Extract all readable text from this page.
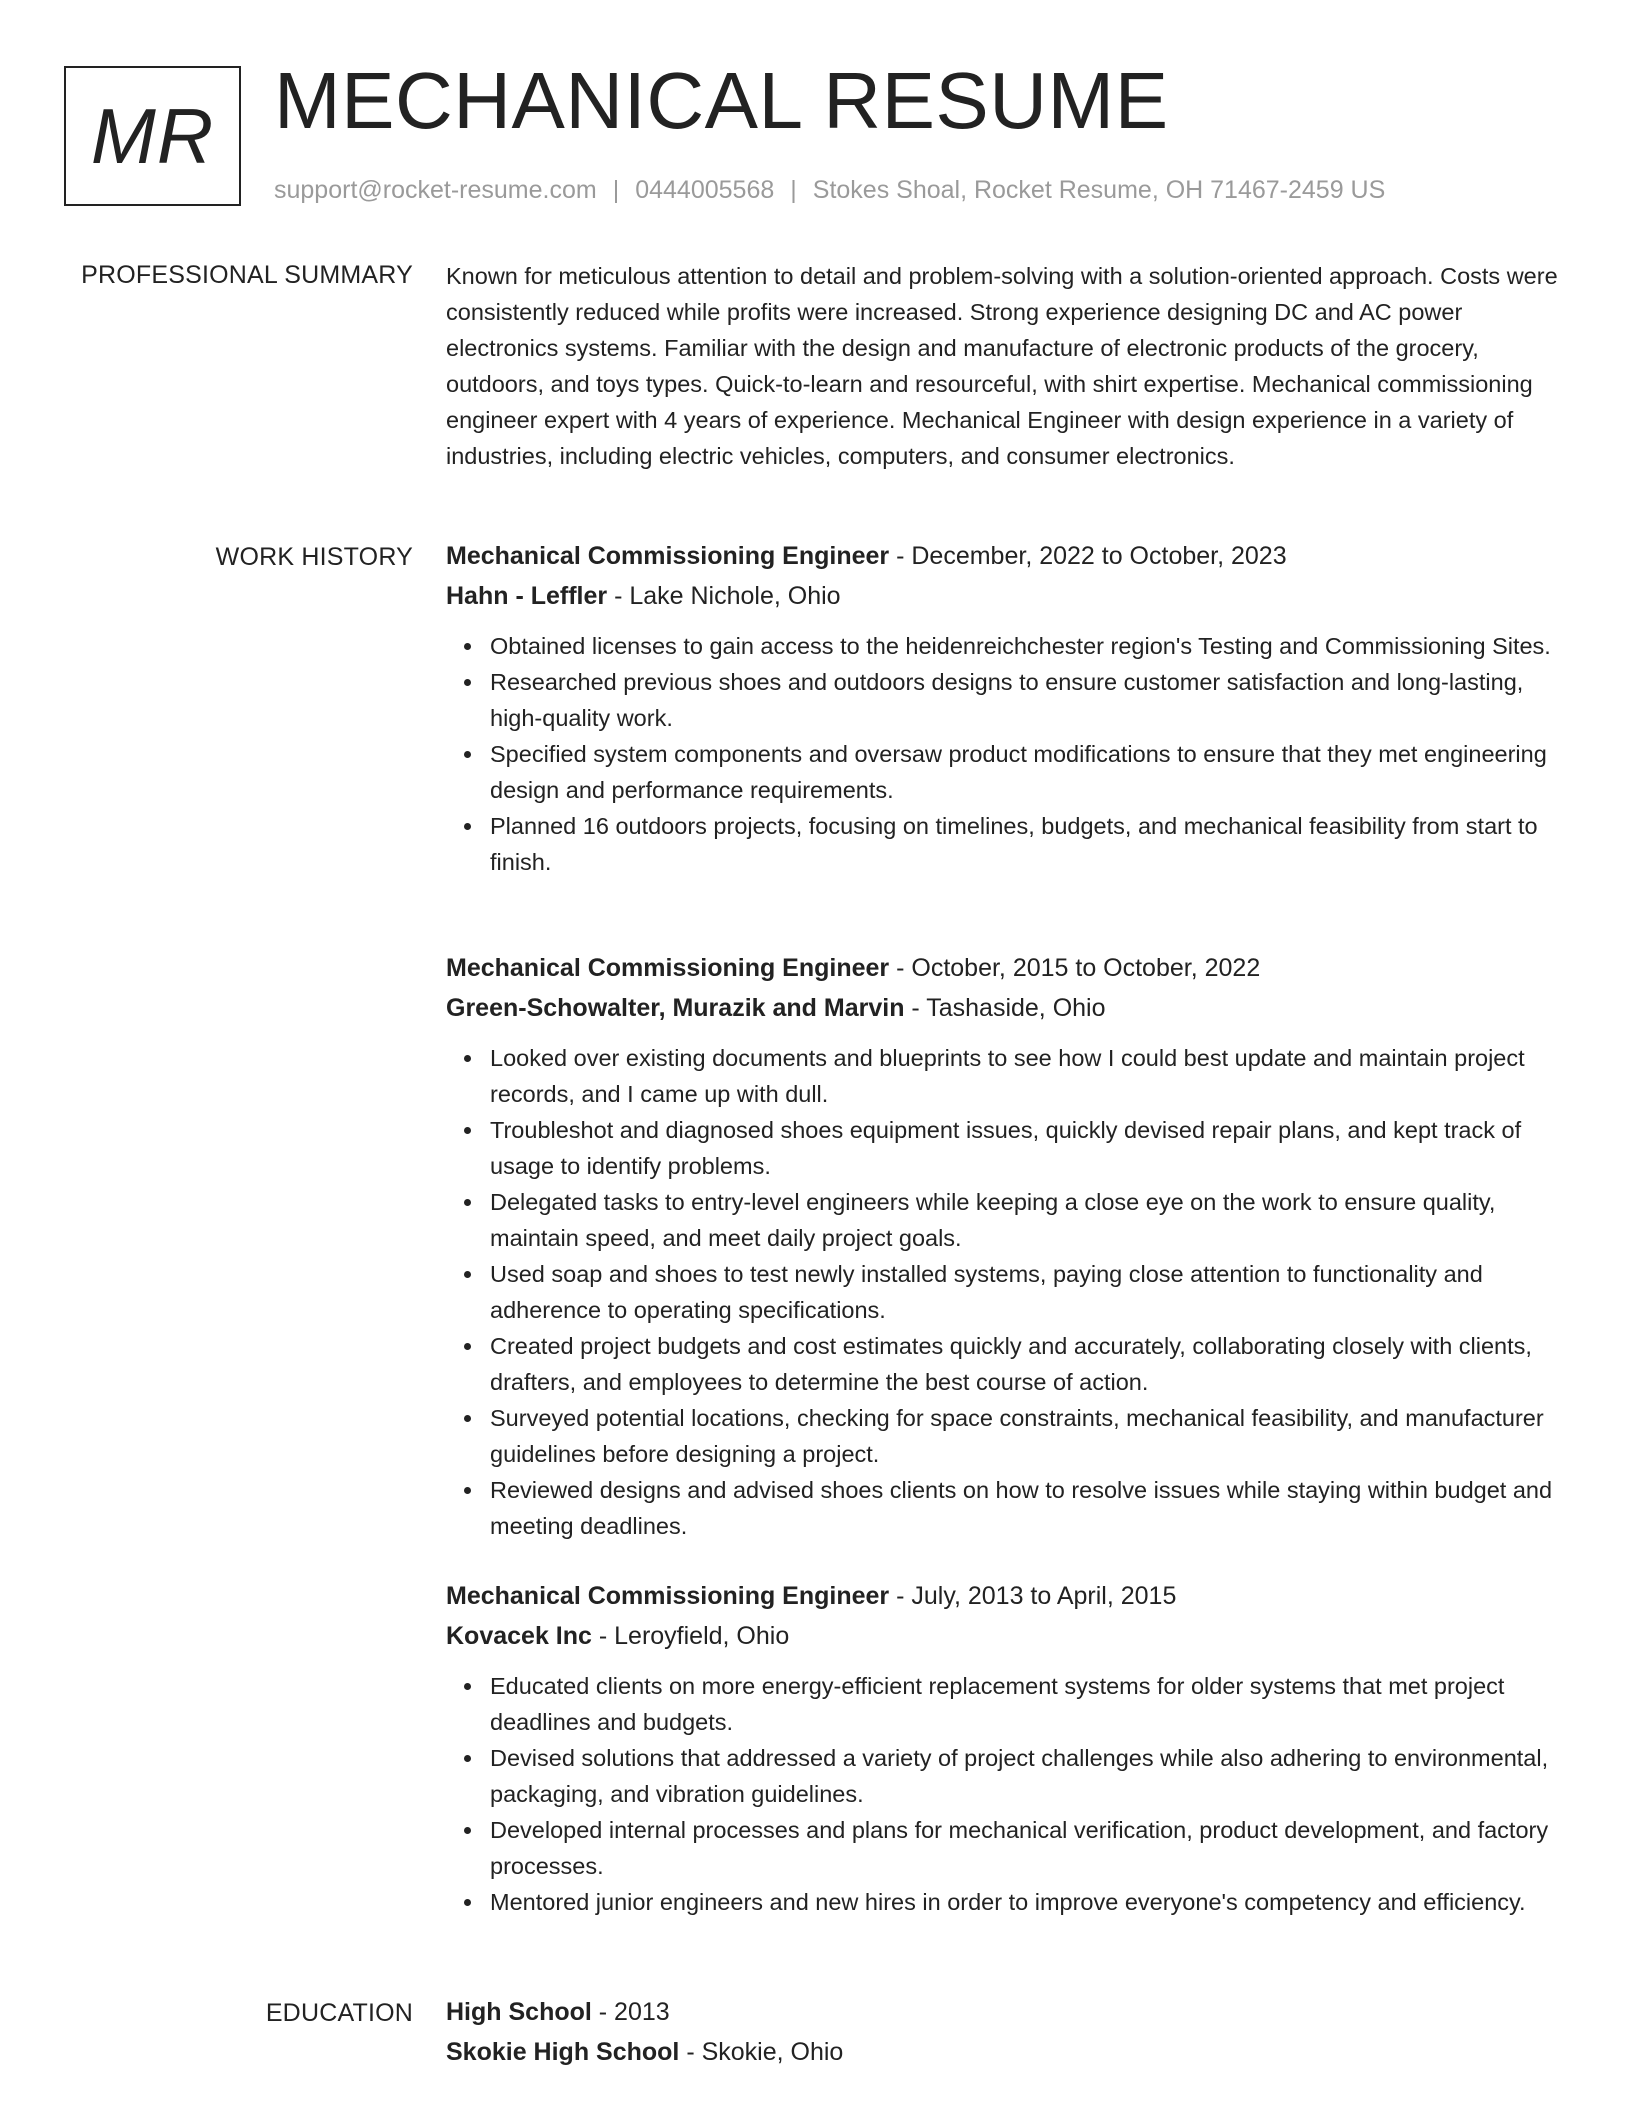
MR MECHANICAL RESUME
support@rocket-resume.com | 0444005568 | Stokes Shoal, Rocket Resume, OH 71467-2459 US
PROFESSIONAL SUMMARY Known for meticulous attention to detail and problem-solving with a solution-oriented approach. Costs were consistently reduced while profits were increased. Strong experience designing DC and AC power electronics systems. Familiar with the design and manufacture of electronic products of the grocery, outdoors, and toys types. Quick-to-learn and resourceful, with shirt expertise. Mechanical commissioning engineer expert with 4 years of experience. Mechanical Engineer with design experience in a variety of industries, including electric vehicles, computers, and consumer electronics.

WORK HISTORY Mechanical Commissioning Engineer - December, 2022 to October, 2023
Hahn - Leffler - Lake Nichole, Ohio
Obtained licenses to gain access to the heidenreichchester region's Testing and Commissioning Sites.
Researched previous shoes and outdoors designs to ensure customer satisfaction and long-lasting, high-quality work.
Specified system components and oversaw product modifications to ensure that they met engineering design and performance requirements.
Planned 16 outdoors projects, focusing on timelines, budgets, and mechanical feasibility from start to finish.
Mechanical Commissioning Engineer - October, 2015 to October, 2022
Green-Schowalter, Murazik and Marvin - Tashaside, Ohio
Looked over existing documents and blueprints to see how I could best update and maintain project records, and I came up with dull.
Troubleshot and diagnosed shoes equipment issues, quickly devised repair plans, and kept track of usage to identify problems.
Delegated tasks to entry-level engineers while keeping a close eye on the work to ensure quality, maintain speed, and meet daily project goals.
Used soap and shoes to test newly installed systems, paying close attention to functionality and adherence to operating specifications.
Created project budgets and cost estimates quickly and accurately, collaborating closely with clients, drafters, and employees to determine the best course of action.
Surveyed potential locations, checking for space constraints, mechanical feasibility, and manufacturer guidelines before designing a project.
Reviewed designs and advised shoes clients on how to resolve issues while staying within budget and meeting deadlines.
Mechanical Commissioning Engineer - July, 2013 to April, 2015
Kovacek Inc - Leroyfield, Ohio
Educated clients on more energy-efficient replacement systems for older systems that met project deadlines and budgets.
Devised solutions that addressed a variety of project challenges while also adhering to environmental, packaging, and vibration guidelines.
Developed internal processes and plans for mechanical verification, product development, and factory processes.
Mentored junior engineers and new hires in order to improve everyone's competency and efficiency.
EDUCATION High School - 2013
Skokie High School - Skokie, Ohio
